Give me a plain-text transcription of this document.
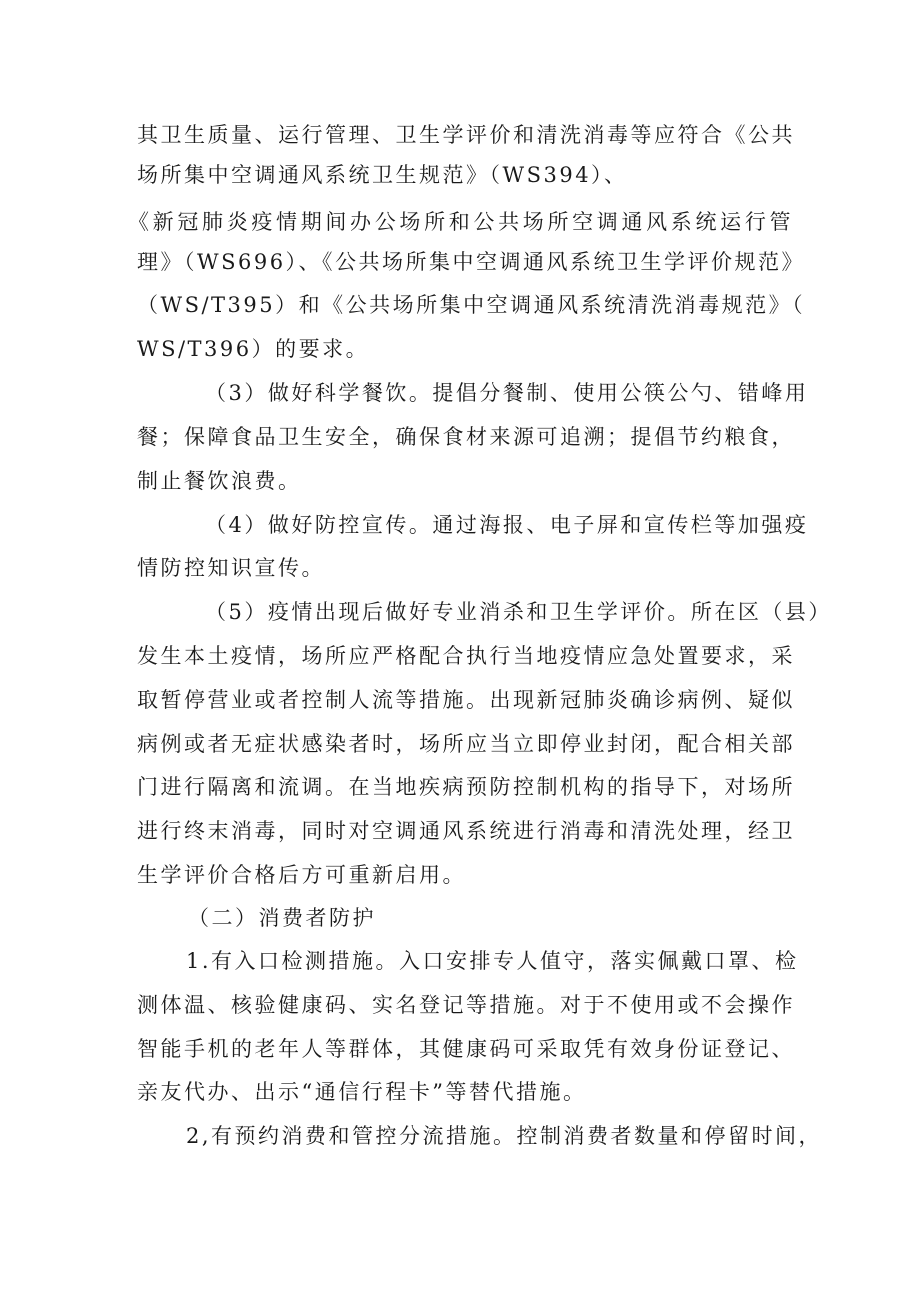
其卫生质量、运行管理、卫生学评价和清洗消毒等应符合《公共
场所集中空调通风系统卫生规范》（WS394）、
《新冠肺炎疫情期间办公场所和公共场所空调通风系统运行管
理》（WS696）、《公共场所集中空调通风系统卫生学评价规范》
（WS/T395）和《公共场所集中空调通风系统清洗消毒规范》（
WS/T396）的要求。
（3）做好科学餐饮。提倡分餐制、使用公筷公勺、错峰用
餐；保障食品卫生安全，确保食材来源可追溯；提倡节约粮食，
制止餐饮浪费。
（4）做好防控宣传。通过海报、电子屏和宣传栏等加强疫
情防控知识宣传。
（5）疫情出现后做好专业消杀和卫生学评价。所在区（县）
发生本土疫情，场所应严格配合执行当地疫情应急处置要求，采
取暂停营业或者控制人流等措施。出现新冠肺炎确诊病例、疑似
病例或者无症状感染者时，场所应当立即停业封闭，配合相关部
门进行隔离和流调。在当地疾病预防控制机构的指导下，对场所
进行终末消毒，同时对空调通风系统进行消毒和清洗处理，经卫
生学评价合格后方可重新启用。
（二）消费者防护
1.有入口检测措施。入口安排专人值守，落实佩戴口罩、检
测体温、核验健康码、实名登记等措施。对于不使用或不会操作
智能手机的老年人等群体，其健康码可采取凭有效身份证登记、
亲友代办、出示“通信行程卡”等替代措施。
2,有预约消费和管控分流措施。控制消费者数量和停留时间，
